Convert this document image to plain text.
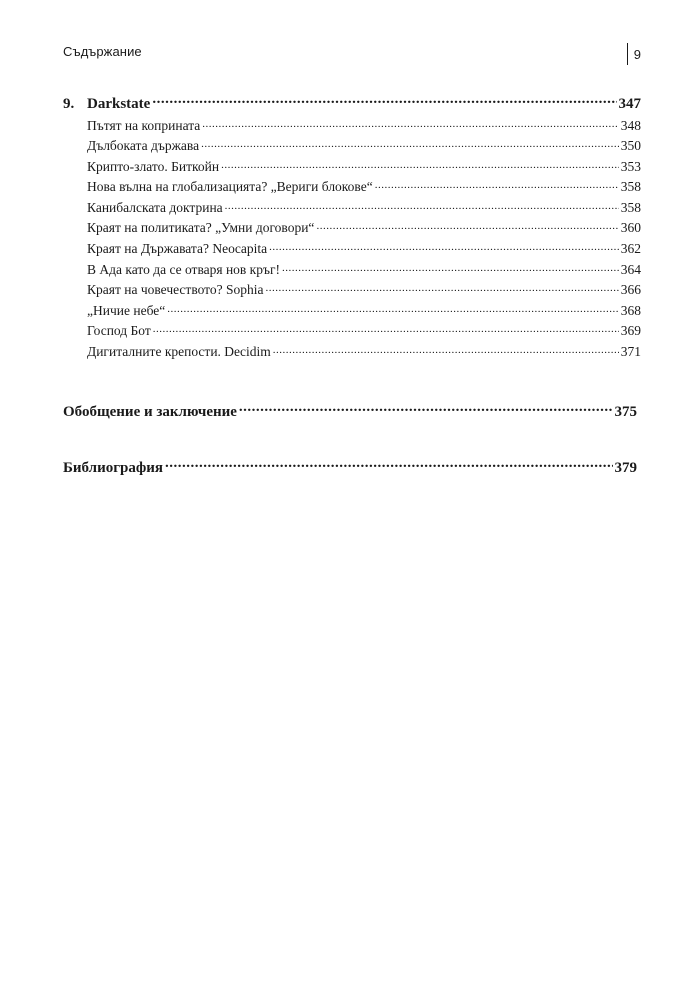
Съдържание	9
9. Darkstate .....	347
Пътят на коприната .....	348
Дълбоката държава .....	350
Крипто-злато. Биткойн .....	353
Нова вълна на глобализацията? „Вериги блокове“ .....	358
Канибалската доктрина .....	358
Краят на политиката? „Умни договори“ .....	360
Краят на Държавата? Neocapita .....	362
В Ада като да се отваря нов кръг! .....	364
Краят на човечеството? Sophia .....	366
„Ничие небе“ .....	368
Господ Бот .....	369
Дигиталните крепости. Decidim .....	371
Обобщение и заключение .....	375
Библиография .....	379
